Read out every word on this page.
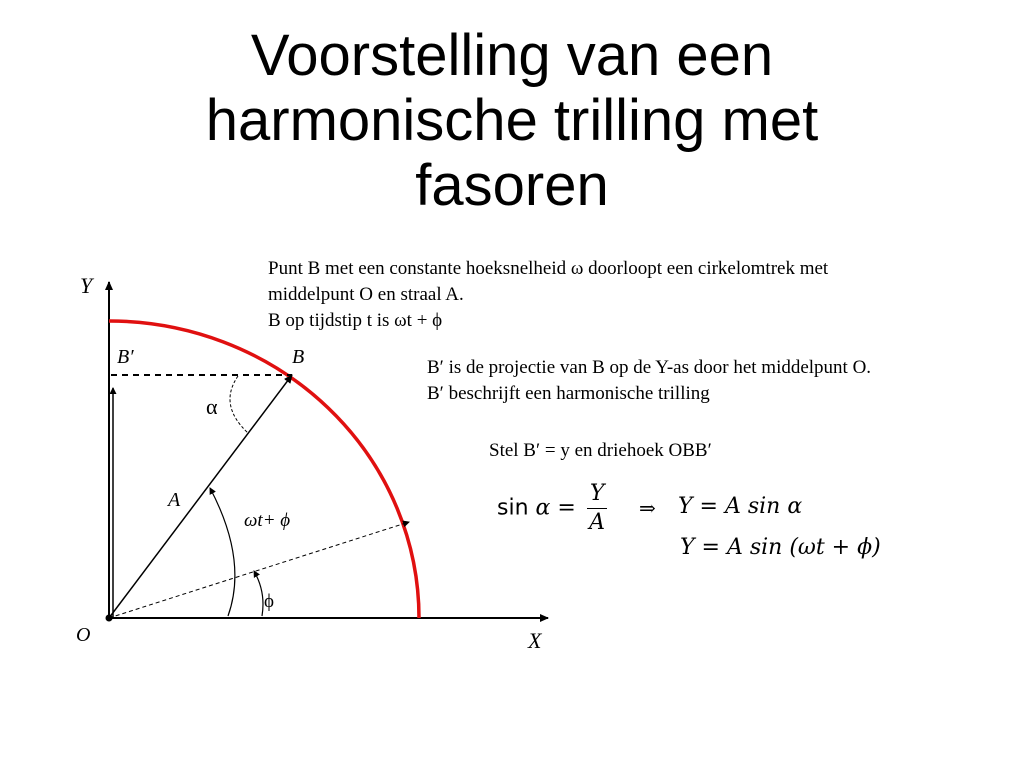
Voorstelling van een
harmonische trilling met
fasoren
Y
X
O
B
B′
A
α
ωt+ ϕ
ϕ
Punt B met een constante hoeksnelheid ω doorloopt een cirkelomtrek met
middelpunt O en straal A.
B op tijdstip t is ωt + ϕ
B′ is de projectie van B op de Y-as door het middelpunt O.
B′ beschrijft een harmonische trilling
Stel B′ = y en driehoek OBB′
$\sin \alpha = \frac{Y}{A}$ ⇒ Y = A sin α
Y = A sin (ωt + ϕ)
